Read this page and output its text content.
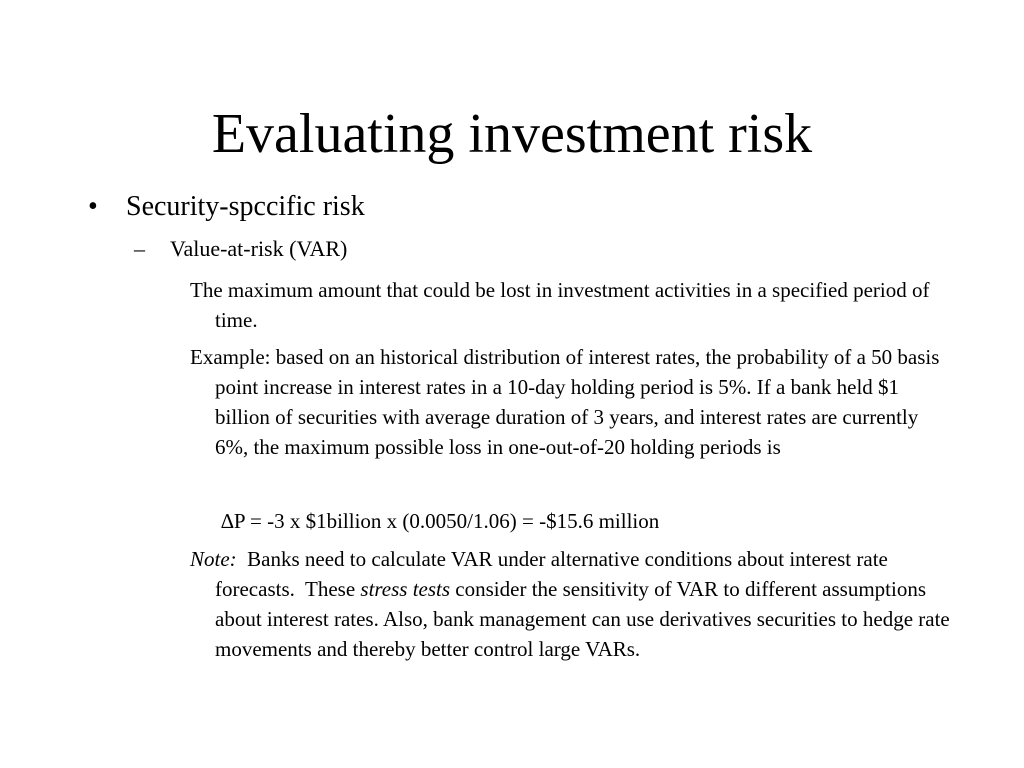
Evaluating investment risk
• Security-spccific risk
– Value-at-risk (VAR)

The maximum amount that could be lost in investment activities in a specified period of time.

Example: based on an historical distribution of interest rates, the probability of a 50 basis point increase in interest rates in a 10-day holding period is 5%. If a bank held $1 billion of securities with average duration of 3 years, and interest rates are currently 6%, the maximum possible loss in one-out-of-20 holding periods is

∆P = -3 x $1billion x (0.0050/1.06) = -$15.6 million

Note:  Banks need to calculate VAR under alternative conditions about interest rate forecasts.  These stress tests consider the sensitivity of VAR to different assumptions about interest rates. Also, bank management can use derivatives securities to hedge rate movements and thereby better control large VARs.
